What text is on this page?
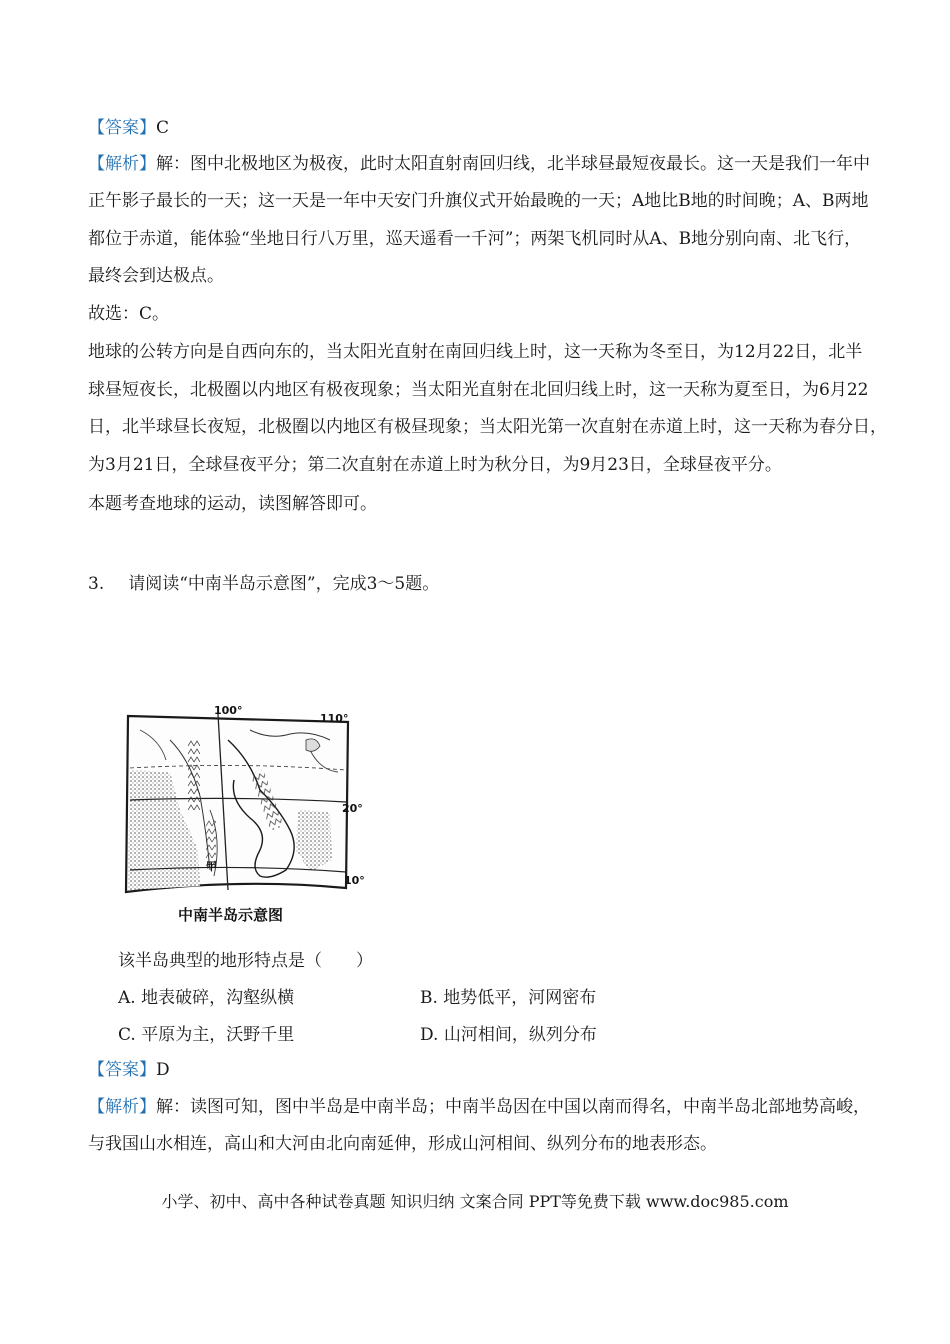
【答案】C
【解析】解：图中北极地区为极夜，此时太阳直射南回归线，北半球昼最短夜最长。这一天是我们一年中
正午影子最长的一天；这一天是一年中天安门升旗仪式开始最晚的一天；A地比B地的时间晚；A、B两地
都位于赤道，能体验“坐地日行八万里，巡天遥看一千河”；两架飞机同时从A、B地分别向南、北飞行，
最终会到达极点。
故选：C。
地球的公转方向是自西向东的，当太阳光直射在南回归线上时，这一天称为冬至日，为12月22日，北半
球昼短夜长，北极圈以内地区有极夜现象；当太阳光直射在北回归线上时，这一天称为夏至日，为6月22
日，北半球昼长夜短，北极圈以内地区有极昼现象；当太阳光第一次直射在赤道上时，这一天称为春分日，
为3月21日，全球昼夜平分；第二次直射在赤道上时为秋分日，为9月23日，全球昼夜平分。
本题考查地球的运动，读图解答即可。
3. 请阅读“中南半岛示意图”，完成3～5题。
100°
110°
20°
10°
甲
中南半岛示意图
该半岛典型的地形特点是（　　）
A. 地表破碎，沟壑纵横	B. 地势低平，河网密布
C. 平原为主，沃野千里	D. 山河相间，纵列分布
【答案】D
【解析】解：读图可知，图中半岛是中南半岛；中南半岛因在中国以南而得名，中南半岛北部地势高峻，
与我国山水相连，高山和大河由北向南延伸，形成山河相间、纵列分布的地表形态。
小学、初中、高中各种试卷真题 知识归纳 文案合同 PPT等免费下载 www.doc985.com
